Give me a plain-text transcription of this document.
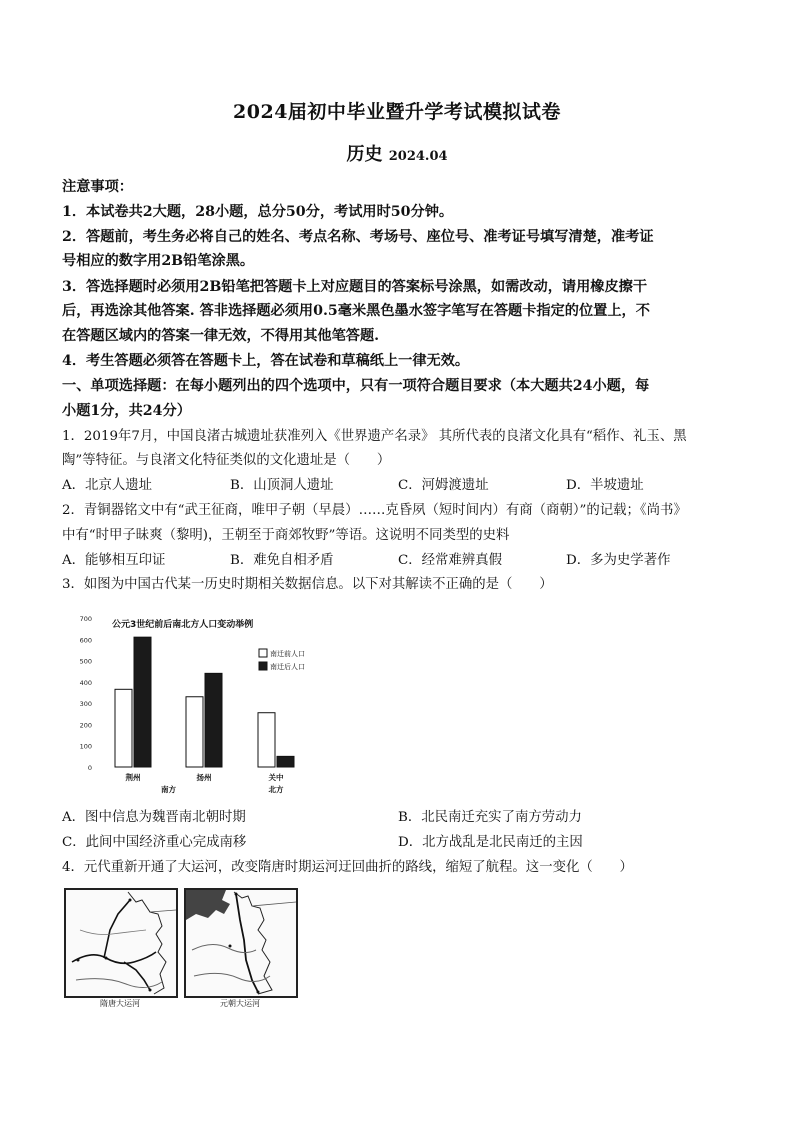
2024届初中毕业暨升学考试模拟试卷
历史 2024.04
注意事项：
1．本试卷共2大题，28小题，总分50分，考试用时50分钟。
2．答题前，考生务必将自己的姓名、考点名称、考场号、座位号、准考证号填写清楚，准考证
号相应的数字用2B铅笔涂黑。
3．答选择题时必须用2B铅笔把答题卡上对应题目的答案标号涂黑，如需改动，请用橡皮擦干
后，再选涂其他答案. 答非选择题必须用0.5毫米黑色墨水签字笔写在答题卡指定的位置上，不
在答题区域内的答案一律无效，不得用其他笔答题.
4．考生答题必须答在答题卡上，答在试卷和草稿纸上一律无效。
一、单项选择题：在每小题列出的四个选项中，只有一项符合题目要求（本大题共24小题，每
小题1分，共24分）
1．2019年7月，中国良渚古城遗址获准列入《世界遗产名录》 其所代表的良渚文化具有“稻作、礼玉、黑
陶”等特征。与良渚文化特征类似的文化遗址是（　　）
A．北京人遗址	B．山顶洞人遗址	C．河姆渡遗址	D．半坡遗址
2．青铜器铭文中有“武王征商，唯甲子朝（早晨）……克昏夙（短时间内）有商（商朝）”的记载；《尚书》
中有“时甲子昧爽（黎明)，王朝至于商郊牧野”等语。这说明不同类型的史料
A．能够相互印证	B．难免自相矛盾	C．经常难辨真假	D．多为史学著作
3．如图为中国古代某一历史时期相关数据信息。以下对其解读不正确的是（　　）
0
100
200
300
400
500
600
700
公元3世纪前后南北方人口变动举例
荆州	扬州	关中
南方	北方
南迁前人口
南迁后人口
A．图中信息为魏晋南北朝时期	B．北民南迁充实了南方劳动力
C．此间中国经济重心完成南移	D．北方战乱是北民南迁的主因
4．元代重新开通了大运河，改变隋唐时期运河迂回曲折的路线，缩短了航程。这一变化（　　）
隋唐大运河	元朝大运河
